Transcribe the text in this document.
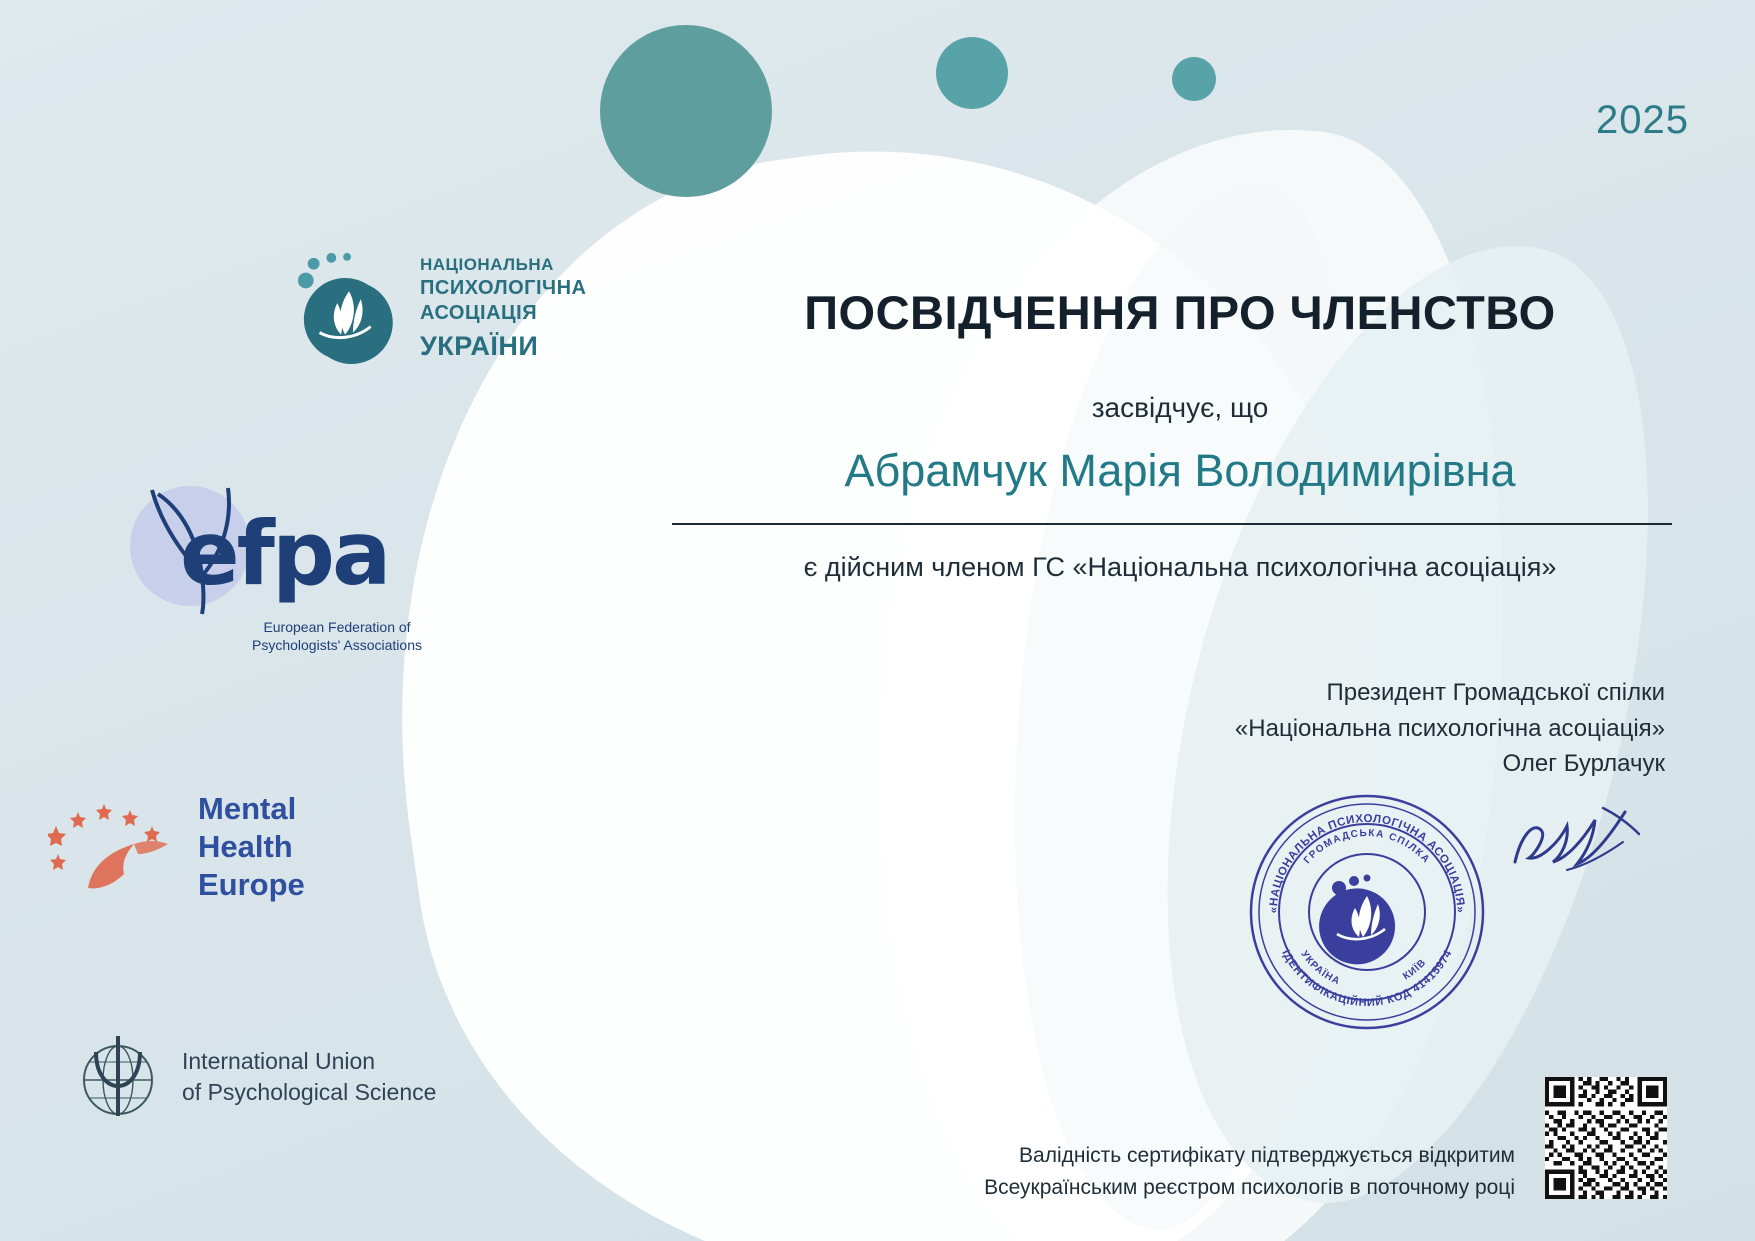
2025
НАЦІОНАЛЬНА
ПСИХОЛОГІЧНА
АСОЦІАЦІЯ
УКРАЇНИ
efpa
European Federation of
Psychologists' Associations
Mental
Health
Europe
International Union
of Psychological Science
ПОСВІДЧЕННЯ ПРО ЧЛЕНСТВО
засвідчує, що
Абрамчук Марія Володимирівна
є дійсним членом ГС «Національна психологічна асоціація»
Президент Громадської спілки
«Національна психологічна асоціація»
Олег Бурлачук
«НАЦІОНАЛЬНА ПСИХОЛОГІЧНА АСОЦІАЦІЯ»
ГРОМАДСЬКА СПІЛКА
ІДЕНТИФІКАЦІЙНИЙ КОД 41415974
УКРАЇНА	КИЇВ
Валідність сертифікату підтверджується відкритим
Всеукраїнським реєстром психологів в поточному році
